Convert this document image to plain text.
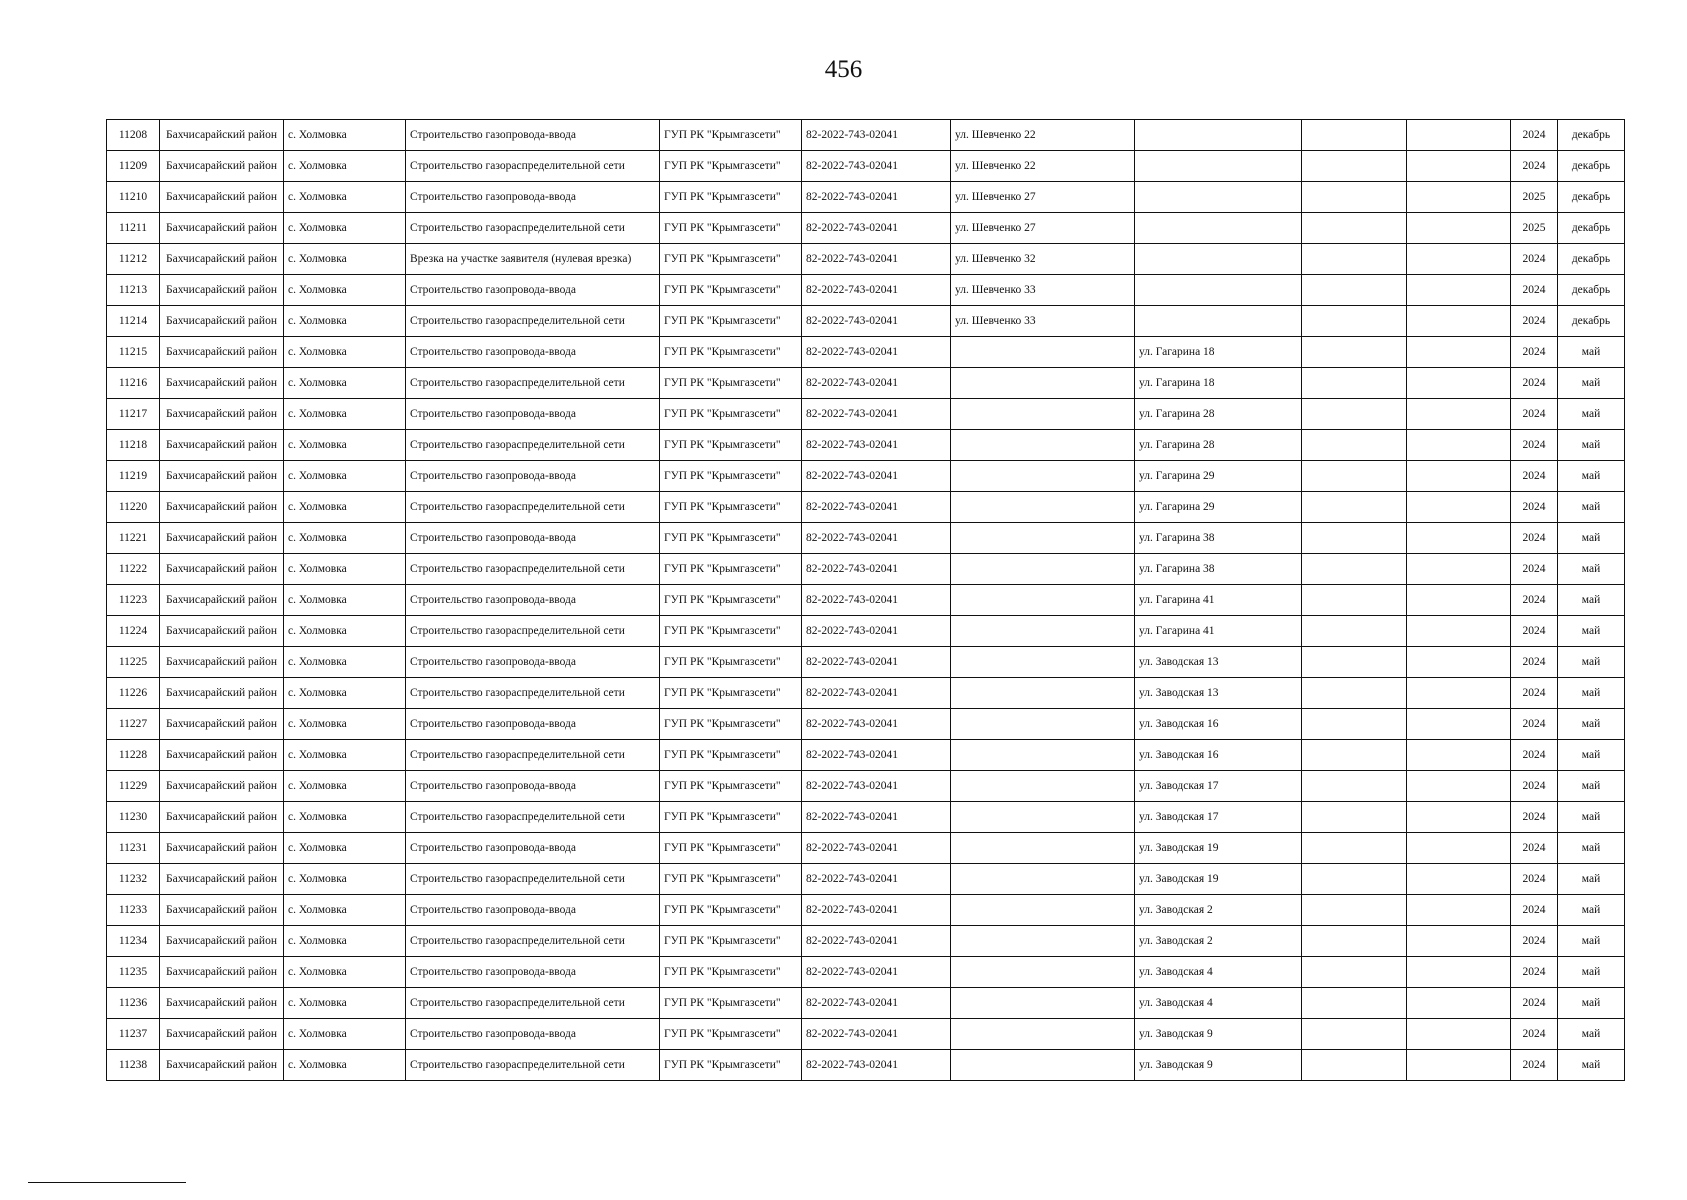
456
11208	Бахчисарайский район	с. Холмовка	Строительство газопровода-ввода	ГУП РК "Крымгазсети"	82-2022-743-02041	ул. Шевченко 22				2024	декабрь
11209	Бахчисарайский район	с. Холмовка	Строительство газораспределительной сети	ГУП РК "Крымгазсети"	82-2022-743-02041	ул. Шевченко 22				2024	декабрь
11210	Бахчисарайский район	с. Холмовка	Строительство газопровода-ввода	ГУП РК "Крымгазсети"	82-2022-743-02041	ул. Шевченко 27				2025	декабрь
11211	Бахчисарайский район	с. Холмовка	Строительство газораспределительной сети	ГУП РК "Крымгазсети"	82-2022-743-02041	ул. Шевченко 27				2025	декабрь
11212	Бахчисарайский район	с. Холмовка	Врезка на участке заявителя (нулевая врезка)	ГУП РК "Крымгазсети"	82-2022-743-02041	ул. Шевченко 32				2024	декабрь
11213	Бахчисарайский район	с. Холмовка	Строительство газопровода-ввода	ГУП РК "Крымгазсети"	82-2022-743-02041	ул. Шевченко 33				2024	декабрь
11214	Бахчисарайский район	с. Холмовка	Строительство газораспределительной сети	ГУП РК "Крымгазсети"	82-2022-743-02041	ул. Шевченко 33				2024	декабрь
11215	Бахчисарайский район	с. Холмовка	Строительство газопровода-ввода	ГУП РК "Крымгазсети"	82-2022-743-02041		ул. Гагарина 18			2024	май
11216	Бахчисарайский район	с. Холмовка	Строительство газораспределительной сети	ГУП РК "Крымгазсети"	82-2022-743-02041		ул. Гагарина 18			2024	май
11217	Бахчисарайский район	с. Холмовка	Строительство газопровода-ввода	ГУП РК "Крымгазсети"	82-2022-743-02041		ул. Гагарина 28			2024	май
11218	Бахчисарайский район	с. Холмовка	Строительство газораспределительной сети	ГУП РК "Крымгазсети"	82-2022-743-02041		ул. Гагарина 28			2024	май
11219	Бахчисарайский район	с. Холмовка	Строительство газопровода-ввода	ГУП РК "Крымгазсети"	82-2022-743-02041		ул. Гагарина 29			2024	май
11220	Бахчисарайский район	с. Холмовка	Строительство газораспределительной сети	ГУП РК "Крымгазсети"	82-2022-743-02041		ул. Гагарина 29			2024	май
11221	Бахчисарайский район	с. Холмовка	Строительство газопровода-ввода	ГУП РК "Крымгазсети"	82-2022-743-02041		ул. Гагарина 38			2024	май
11222	Бахчисарайский район	с. Холмовка	Строительство газораспределительной сети	ГУП РК "Крымгазсети"	82-2022-743-02041		ул. Гагарина 38			2024	май
11223	Бахчисарайский район	с. Холмовка	Строительство газопровода-ввода	ГУП РК "Крымгазсети"	82-2022-743-02041		ул. Гагарина 41			2024	май
11224	Бахчисарайский район	с. Холмовка	Строительство газораспределительной сети	ГУП РК "Крымгазсети"	82-2022-743-02041		ул. Гагарина 41			2024	май
11225	Бахчисарайский район	с. Холмовка	Строительство газопровода-ввода	ГУП РК "Крымгазсети"	82-2022-743-02041		ул. Заводская 13			2024	май
11226	Бахчисарайский район	с. Холмовка	Строительство газораспределительной сети	ГУП РК "Крымгазсети"	82-2022-743-02041		ул. Заводская 13			2024	май
11227	Бахчисарайский район	с. Холмовка	Строительство газопровода-ввода	ГУП РК "Крымгазсети"	82-2022-743-02041		ул. Заводская 16			2024	май
11228	Бахчисарайский район	с. Холмовка	Строительство газораспределительной сети	ГУП РК "Крымгазсети"	82-2022-743-02041		ул. Заводская 16			2024	май
11229	Бахчисарайский район	с. Холмовка	Строительство газопровода-ввода	ГУП РК "Крымгазсети"	82-2022-743-02041		ул. Заводская 17			2024	май
11230	Бахчисарайский район	с. Холмовка	Строительство газораспределительной сети	ГУП РК "Крымгазсети"	82-2022-743-02041		ул. Заводская 17			2024	май
11231	Бахчисарайский район	с. Холмовка	Строительство газопровода-ввода	ГУП РК "Крымгазсети"	82-2022-743-02041		ул. Заводская 19			2024	май
11232	Бахчисарайский район	с. Холмовка	Строительство газораспределительной сети	ГУП РК "Крымгазсети"	82-2022-743-02041		ул. Заводская 19			2024	май
11233	Бахчисарайский район	с. Холмовка	Строительство газопровода-ввода	ГУП РК "Крымгазсети"	82-2022-743-02041		ул. Заводская 2			2024	май
11234	Бахчисарайский район	с. Холмовка	Строительство газораспределительной сети	ГУП РК "Крымгазсети"	82-2022-743-02041		ул. Заводская 2			2024	май
11235	Бахчисарайский район	с. Холмовка	Строительство газопровода-ввода	ГУП РК "Крымгазсети"	82-2022-743-02041		ул. Заводская 4			2024	май
11236	Бахчисарайский район	с. Холмовка	Строительство газораспределительной сети	ГУП РК "Крымгазсети"	82-2022-743-02041		ул. Заводская 4			2024	май
11237	Бахчисарайский район	с. Холмовка	Строительство газопровода-ввода	ГУП РК "Крымгазсети"	82-2022-743-02041		ул. Заводская 9			2024	май
11238	Бахчисарайский район	с. Холмовка	Строительство газораспределительной сети	ГУП РК "Крымгазсети"	82-2022-743-02041		ул. Заводская 9			2024	май
